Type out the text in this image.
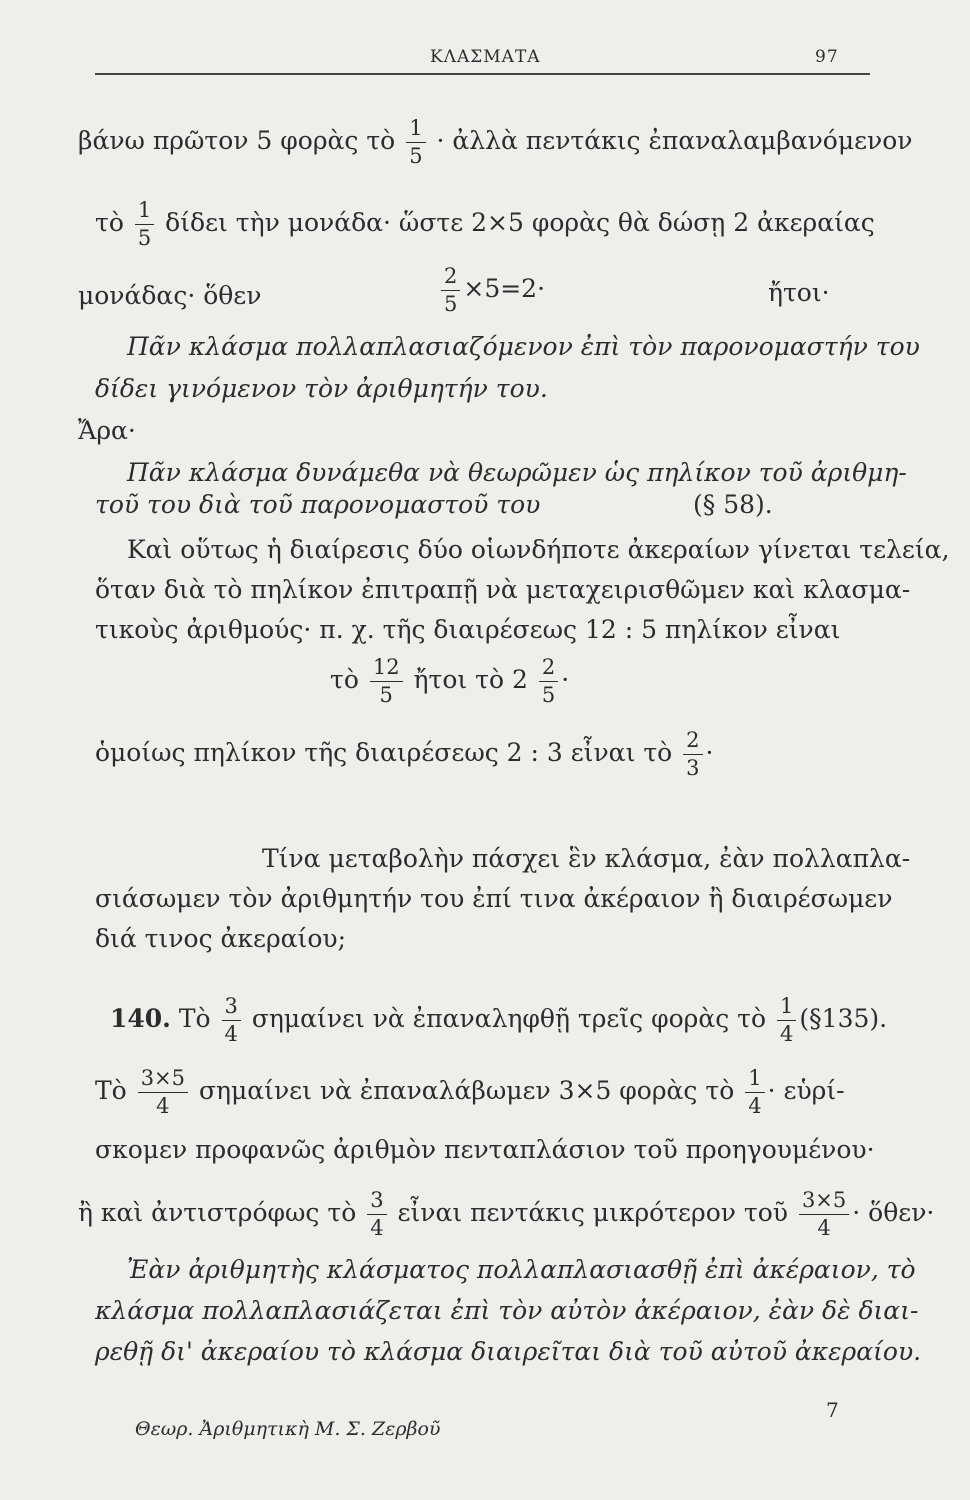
ΚΛΑΣΜΑΤΑ	97
βάνω πρῶτον 5 φορὰς τὸ $\frac{1}{5}$ · ἀλλὰ πεντάκις ἐπαναλαμβανόμενον
τὸ $\frac{1}{5}$ δίδει τὴν μονάδα· ὥστε 2×5 φορὰς θὰ δώσῃ 2 ἀκεραίας
μονάδας· ὅθεν	$\frac{2}{5} \times 5=2\cdot$	ἤτοι·
Πᾶν κλάσμα πολλαπλασιαζόμενον ἐπὶ τὸν παρονομαστήν του
δίδει γινόμενον τὸν ἀριθμητήν του.
Ἄρα·
Πᾶν κλάσμα δυνάμεθα νὰ θεωρῶμεν ὡς πηλίκον τοῦ ἀριθμη-
τοῦ του διὰ τοῦ παρονομαστοῦ του	(§ 58).
Καὶ οὕτως ἡ διαίρεσις δύο οἱωνδήποτε ἀκεραίων γίνεται τελεία,
ὅταν διὰ τὸ πηλίκον ἐπιτραπῇ νὰ μεταχειρισθῶμεν καὶ κλασμα-
τικοὺς ἀριθμούς· π. χ. τῆς διαιρέσεως 12 : 5 πηλίκον εἶναι
τὸ $\frac{12}{5}$ ἤτοι τὸ $2 \frac{2}{5}$ ·
ὁμοίως πηλίκον τῆς διαιρέσεως 2 : 3 εἶναι τὸ $\frac{2}{3}$ ·
Τίνα μεταβολὴν πάσχει ἓν κλάσμα, ἐὰν πολλαπλα-
σιάσωμεν τὸν ἀριθμητήν του ἐπί τινα ἀκέραιον ἢ διαιρέσωμεν
διά τινος ἀκεραίου;
140. Τὸ $\frac{3}{4}$ σημαίνει νὰ ἐπαναληφθῇ τρεῖς φορὰς τὸ $\frac{1}{4}$ (§135).
Τὸ $\frac{3\times 5}{4}$ σημαίνει νὰ ἐπαναλάβωμεν 3×5 φορὰς τὸ $\frac{1}{4}$ · εὑρί-
σκομεν προφανῶς ἀριθμὸν πενταπλάσιον τοῦ προηγουμένου·
ἢ καὶ ἀντιστρόφως τὸ $\frac{3}{4}$ εἶναι πεντάκις μικρότερον τοῦ $\frac{3\times 5}{4}$ · ὅθεν·
Ἐὰν ἀριθμητὴς κλάσματος πολλαπλασιασθῇ ἐπὶ ἀκέραιον, τὸ
κλάσμα πολλαπλασιάζεται ἐπὶ τὸν αὐτὸν ἀκέραιον, ἐὰν δὲ διαι-
ρεθῇ δι' ἀκεραίου τὸ κλάσμα διαιρεῖται διὰ τοῦ αὐτοῦ ἀκεραίου.
Θεωρ. Ἀριθμητικὴ Μ. Σ. Ζερβοῦ
7
